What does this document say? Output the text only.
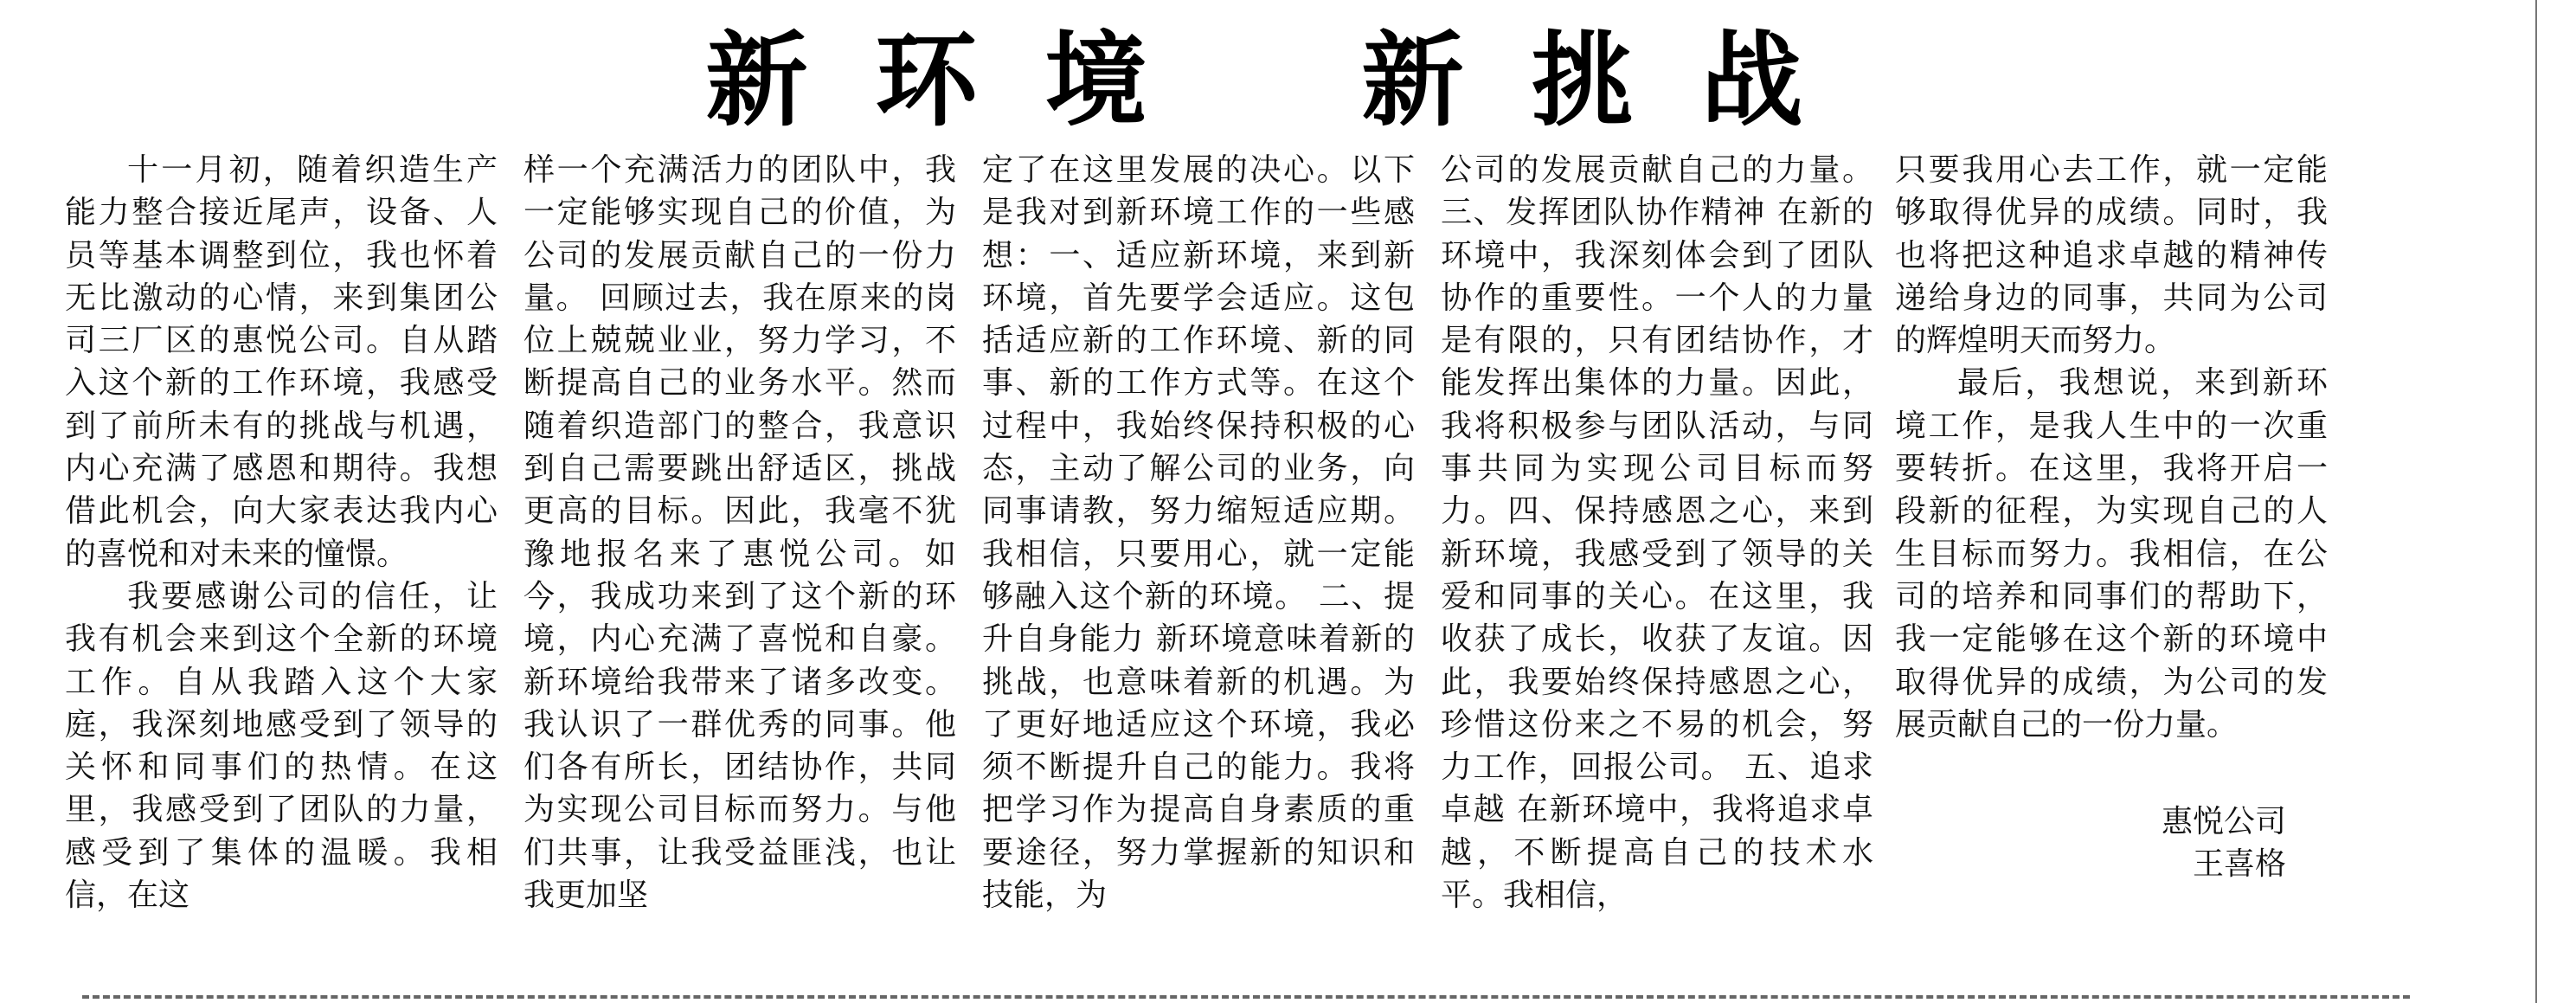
新环境 新挑战

十一月初，随着织造生产能力整合接近尾声，设备、人员等基本调整到位，我也怀着无比激动的心情，来到集团公司三厂区的惠悦公司。自从踏入这个新的工作环境，我感受到了前所未有的挑战与机遇，内心充满了感恩和期待。我想借此机会，向大家表达我内心的喜悦和对未来的憧憬。

我要感谢公司的信任，让我有机会来到这个全新的环境工作。自从我踏入这个大家庭，我深刻地感受到了领导的关怀和同事们的热情。在这里，我感受到了团队的力量，感受到了集体的温暖。我相信，在这

样一个充满活力的团队中，我一定能够实现自己的价值，为公司的发展贡献自己的一份力量。 回顾过去，我在原来的岗位上兢兢业业，努力学习，不断提高自己的业务水平。然而随着织造部门的整合，我意识到自己需要跳出舒适区，挑战更高的目标。因此，我毫不犹豫地报名来了惠悦公司。如今，我成功来到了这个新的环境，内心充满了喜悦和自豪。新环境给我带来了诸多改变。我认识了一群优秀的同事。他们各有所长，团结协作，共同为实现公司目标而努力。与他们共事，让我受益匪浅，也让我更加坚

定了在这里发展的决心。以下是我对到新环境工作的一些感想：一、适应新环境，来到新环境，首先要学会适应。这包括适应新的工作环境、新的同事、新的工作方式等。在这个过程中，我始终保持积极的心态，主动了解公司的业务，向同事请教，努力缩短适应期。我相信，只要用心，就一定能够融入这个新的环境。 二、提升自身能力 新环境意味着新的挑战，也意味着新的机遇。为了更好地适应这个环境，我必须不断提升自己的能力。我将把学习作为提高自身素质的重要途径，努力掌握新的知识和技能，为

公司的发展贡献自己的力量。三、发挥团队协作精神 在新的环境中，我深刻体会到了团队协作的重要性。一个人的力量是有限的，只有团结协作，才能发挥出集体的力量。因此，我将积极参与团队活动，与同事共同为实现公司目标而努力。四、保持感恩之心，来到新环境，我感受到了领导的关爱和同事的关心。在这里，我收获了成长，收获了友谊。因此，我要始终保持感恩之心，珍惜这份来之不易的机会，努力工作，回报公司。 五、追求卓越 在新环境中，我将追求卓越，不断提高自己的技术水平。我相信，

只要我用心去工作，就一定能够取得优异的成绩。同时，我也将把这种追求卓越的精神传递给身边的同事，共同为公司的辉煌明天而努力。

最后，我想说，来到新环境工作，是我人生中的一次重要转折。在这里，我将开启一段新的征程，为实现自己的人生目标而努力。我相信，在公司的培养和同事们的帮助下，我一定能够在这个新的环境中取得优异的成绩，为公司的发展贡献自己的一份力量。

惠悦公司

王喜格
